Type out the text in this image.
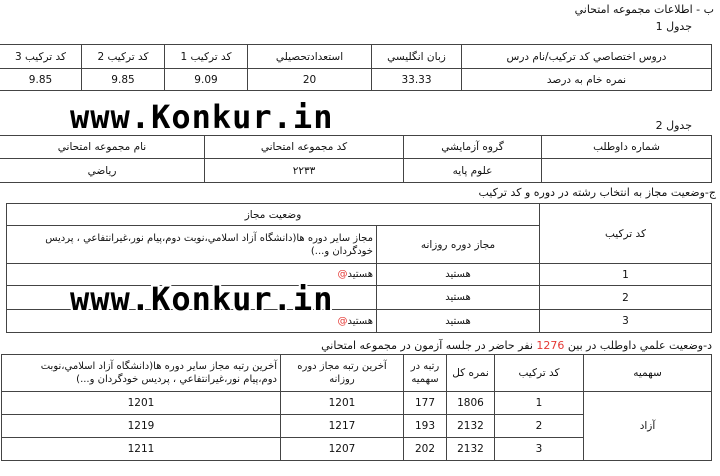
ب - اطلاعات مجموعه امتحاني
جدول 1
دروس اختصاصي كد تركيب/نام درس	زبان انگليسي	استعدادتحصيلي	كد تركيب 1	كد تركيب 2	كد تركيب 3
نمره خام به درصد	33.33	20	9.09	9.85	9.85
www.Konkur.in	جدول 2
شماره داوطلب	گروه آزمايشي	كد مجموعه امتحاني	نام مجموعه امتحاني
	علوم پايه	۲۲۳۳	رياضي
ج-وضعيت مجاز به انتخاب رشته در دوره و كد تركيب
كد تركيب	وضعيت مجاز	
	مجاز دوره روزانه	مجاز ساير دوره ها(دانشگاه آزاد اسلامي،نوبت دوم،پيام نور،غيرانتفاعي ، پرديس خودگردان و...)
1	هستيد	هستيد@
2	هستيد	
3	هستيد	هستيد@
www.Konkur.in
د-وضعيت علمي داوطلب در بين 1276 نفر حاضر در جلسه آزمون در مجموعه امتحاني
سهميه	كد تركيب	نمره كل	رتبه در سهميه	آخرين رتبه مجاز دوره روزانه	آخرين رتبه مجاز ساير دوره ها(دانشگاه آزاد اسلامي،نوبت دوم،پيام نور،غيرانتفاعي ، پرديس خودگردان و...)
آزاد	1	1806	177	1201	1201
	2	2132	193	1217	1219
	3	2132	202	1207	1211
